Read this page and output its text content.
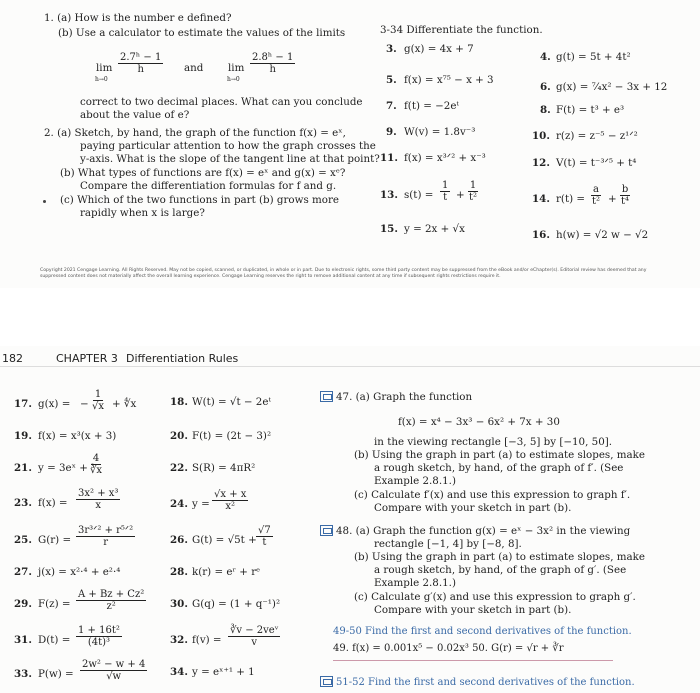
1. (a) How is the number e defined?
(b) Use a calculator to estimate the values of the limits
lim
h→0
$\frac{\text{2.7ʰ − 1}}{h}$ and lim
h→0
$\frac{\text{2.8ʰ − 1}}{h}$
correct to two decimal places. What can you conclude
about the value of e?
2. (a) Sketch, by hand, the graph of the function f(x) = eˣ,
paying particular attention to how the graph crosses the
y-axis. What is the slope of the tangent line at that point?
(b) What types of functions are f(x) = eˣ and g(x) = xᵉ?
Compare the differentiation formulas for f and g.
(c) Which of the two functions in part (b) grows more
rapidly when x is large?
3-34 Differentiate the function.
3. g(x) = 4x + 7
4. g(t) = 5t + 4t²
5. f(x) = x⁷⁵ − x + 3
6. g(x) = ⁷⁄₄x² − 3x + 12
7. f(t) = −2eᵗ	8. F(t) = t³ + e³
9. W(v) = 1.8v⁻³	10. r(z) = z⁻⁵ − z¹ᐟ²
11. f(x) = x³ᐟ² + x⁻³	12. V(t) = t⁻³ᐟ⁵ + t⁴
13. $s(t) = \frac{1}{t} + \frac{1}{\text{t²}}$	14. $r(t) = \frac{a}{\text{t²}} + \frac{b}{\text{t⁴}}$
15. y = 2x + √x	16. h(w) = √2 w − √2
Copyright 2021 Cengage Learning. All Rights Reserved. May not be copied, scanned, or duplicated, in whole or in part. Due to electronic rights, some third party content may be suppressed from the eBook and/or eChapter(s). Editorial review has deemed that any suppressed content does not materially affect the overall learning experience. Cengage Learning reserves the right to remove additional content at any time if subsequent rights restrictions require it.
182	CHAPTER 3 Differentiation Rules
17. g(x) = − $\frac{1}{√x}$ + ∜x
19. f(x) = x³(x + 3)
21. y = 3eˣ + $\frac{4}{∛x}$
23. $f(x) = \frac{\text{3x² + x³}}{x}$
25. G(r) =
3r³ᐟ² + r⁵ᐟ²
r
27. j(x) = x²·⁴ + e²·⁴
29. $F(z) = \frac{\text{A + Bz + Cz²}}{\text{z²}}$
31. $D(t) = \frac{\text{1 + 16t²}}{\text{(4t)³}}$
33. $P(w) = \frac{\text{2w² − w + 4}}{√w}$
18. W(t) = √t − 2eᵗ
20. F(t) = (2t − 3)²
22. S(R) = 4πR²
24. $y = \frac{√x + x}{\text{x²}}$
26. $G(t) = √5t + \frac{√7}{t}$
28. k(r) = eʳ + rᵉ
30. G(q) = (1 + q⁻¹)²
32. f(v) =
∛v − 2veᵛ
v
34. y = eˣ⁺¹ + 1
47. (a) Graph the function
f(x) = x⁴ − 3x³ − 6x² + 7x + 30
in the viewing rectangle [−3, 5] by [−10, 50].
(b) Using the graph in part (a) to estimate slopes, make
a rough sketch, by hand, of the graph of f′. (See
Example 2.8.1.)
(c) Calculate f′(x) and use this expression to graph f′.
Compare with your sketch in part (b).
48. (a) Graph the function g(x) = eˣ − 3x² in the viewing
rectangle [−1, 4] by [−8, 8].
(b) Using the graph in part (a) to estimate slopes, make
a rough sketch, by hand, of the graph of g′. (See
Example 2.8.1.)
(c) Calculate g′(x) and use this expression to graph g′.
Compare with your sketch in part (b).
49-50 Find the first and second derivatives of the function.
49. f(x) = 0.001x⁵ − 0.02x³ 50. G(r) = √r + ∛r
51-52 Find the first and second derivatives of the function.
